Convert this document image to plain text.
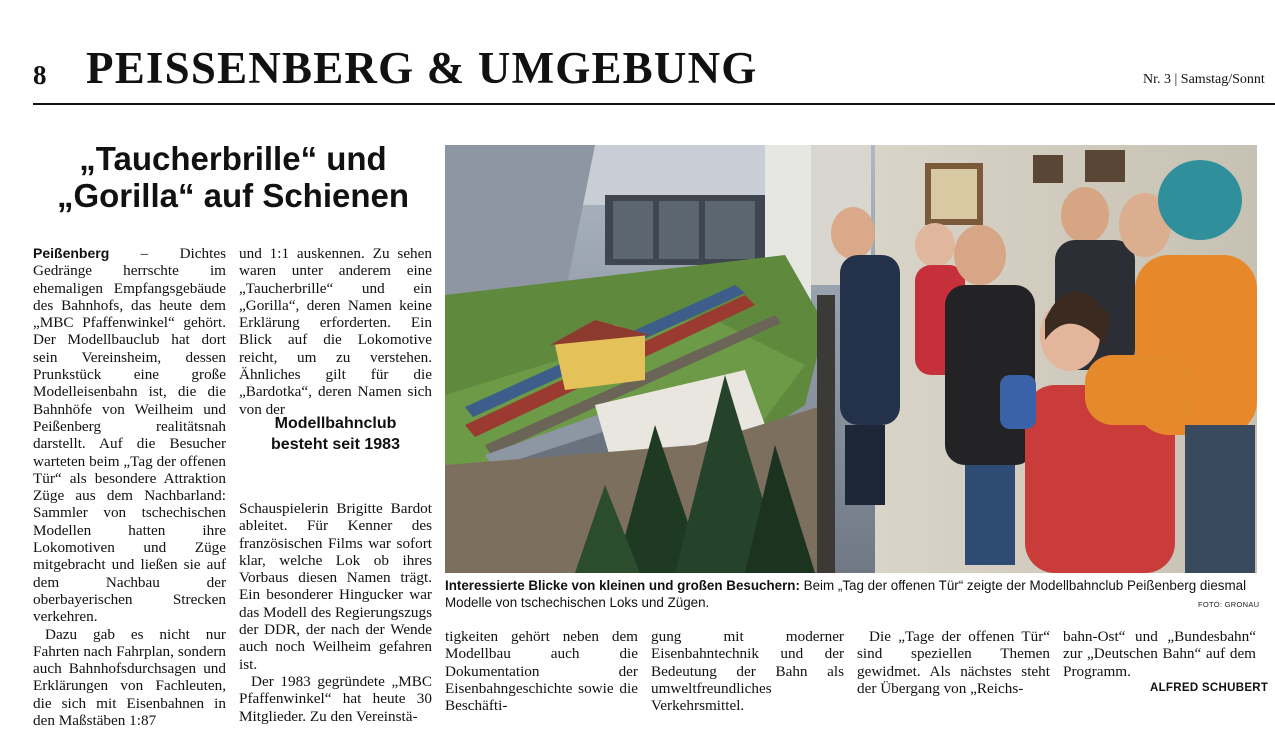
8 PEISSENBERG & UMGEBUNG	Nr. 3 | Samstag/Sonnt
„Taucherbrille“ und
„Gorilla“ auf Schienen

Peißenberg – Dichtes Gedränge herrschte im ehemaligen Empfangsgebäude des Bahnhofs, das heute dem „MBC Pfaffenwinkel“ gehört. Der Modellbauclub hat dort sein Vereinsheim, dessen Prunkstück eine große Modelleisenbahn ist, die die Bahnhöfe von Weilheim und Peißenberg realitätsnah darstellt. Auf die Besucher warteten beim „Tag der offenen Tür“ als besondere Attraktion Züge aus dem Nachbarland: Sammler von tschechischen Modellen hatten ihre Lokomotiven und Züge mitgebracht und ließen sie auf dem Nachbau der oberbayerischen Strecken verkehren.

Dazu gab es nicht nur Fahrten nach Fahrplan, sondern auch Bahnhofsdurchsagen und Erklärungen von Fachleuten, die sich mit Eisenbahnen in den Maßstäben 1:87

und 1:1 auskennen. Zu sehen waren unter anderem eine „Taucherbrille“ und ein „Gorilla“, deren Namen keine Erklärung erforderten. Ein Blick auf die Lokomotive reicht, um zu verstehen. Ähnliches gilt für die „Bardotka“, deren Namen sich von der

Modellbahnclub
besteht seit 1983

Schauspielerin Brigitte Bardot ableitet. Für Kenner des französischen Films war sofort klar, welche Lok ob ihres Vorbaus diesen Namen trägt. Ein besonderer Hingucker war das Modell des Regierungszugs der DDR, der nach der Wende auch noch Weilheim gefahren ist.

Der 1983 gegründete „MBC Pfaffenwinkel“ hat heute 30 Mitglieder. Zu den Vereinstä-

tigkeiten gehört neben dem Modellbau auch die Dokumentation der Eisenbahngeschichte sowie die Beschäfti-

gung mit moderner Eisenbahntechnik und der Bedeutung der Bahn als umweltfreundliches Verkehrsmittel.

Die „Tage der offenen Tür“ sind speziellen Themen gewidmet. Als nächstes steht der Übergang von „Reichs-

bahn-Ost“ und „Bundesbahn“ zur „Deutschen Bahn“ auf dem Programm.

ALFRED SCHUBERT
Interessierte Blicke von kleinen und großen Besuchern: Beim „Tag der offenen Tür“ zeigte der Modellbahnclub Peißenberg diesmal Modelle von tschechischen Loks und Zügen.	FOTO: GRONAU
